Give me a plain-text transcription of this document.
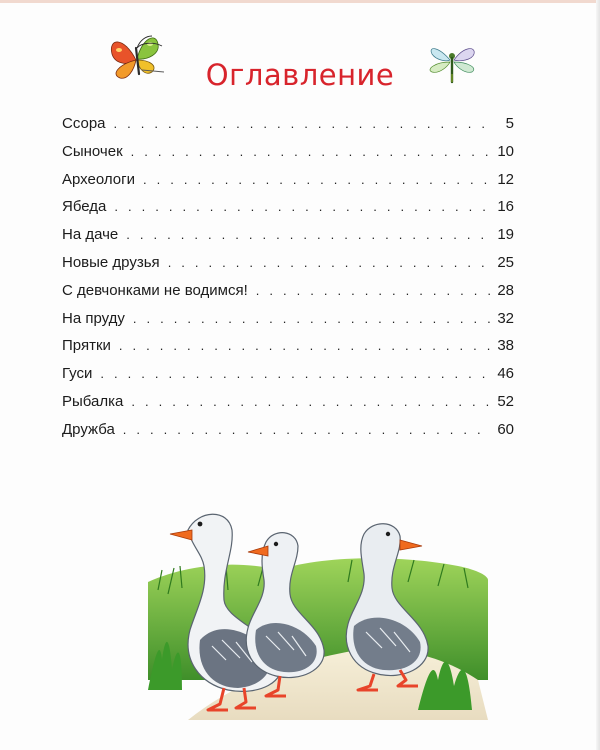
Оглавление
Ссора . . .	5
Сыночек . . .	10
Археологи . . .	12
Ябеда . . .	16
На даче . . .	19
Новые друзья . . .	25
С девчонками не водимся! . . .	28
На пруду . . .	32
Прятки . . .	38
Гуси . . .	46
Рыбалка . . .	52
Дружба . . .	60
